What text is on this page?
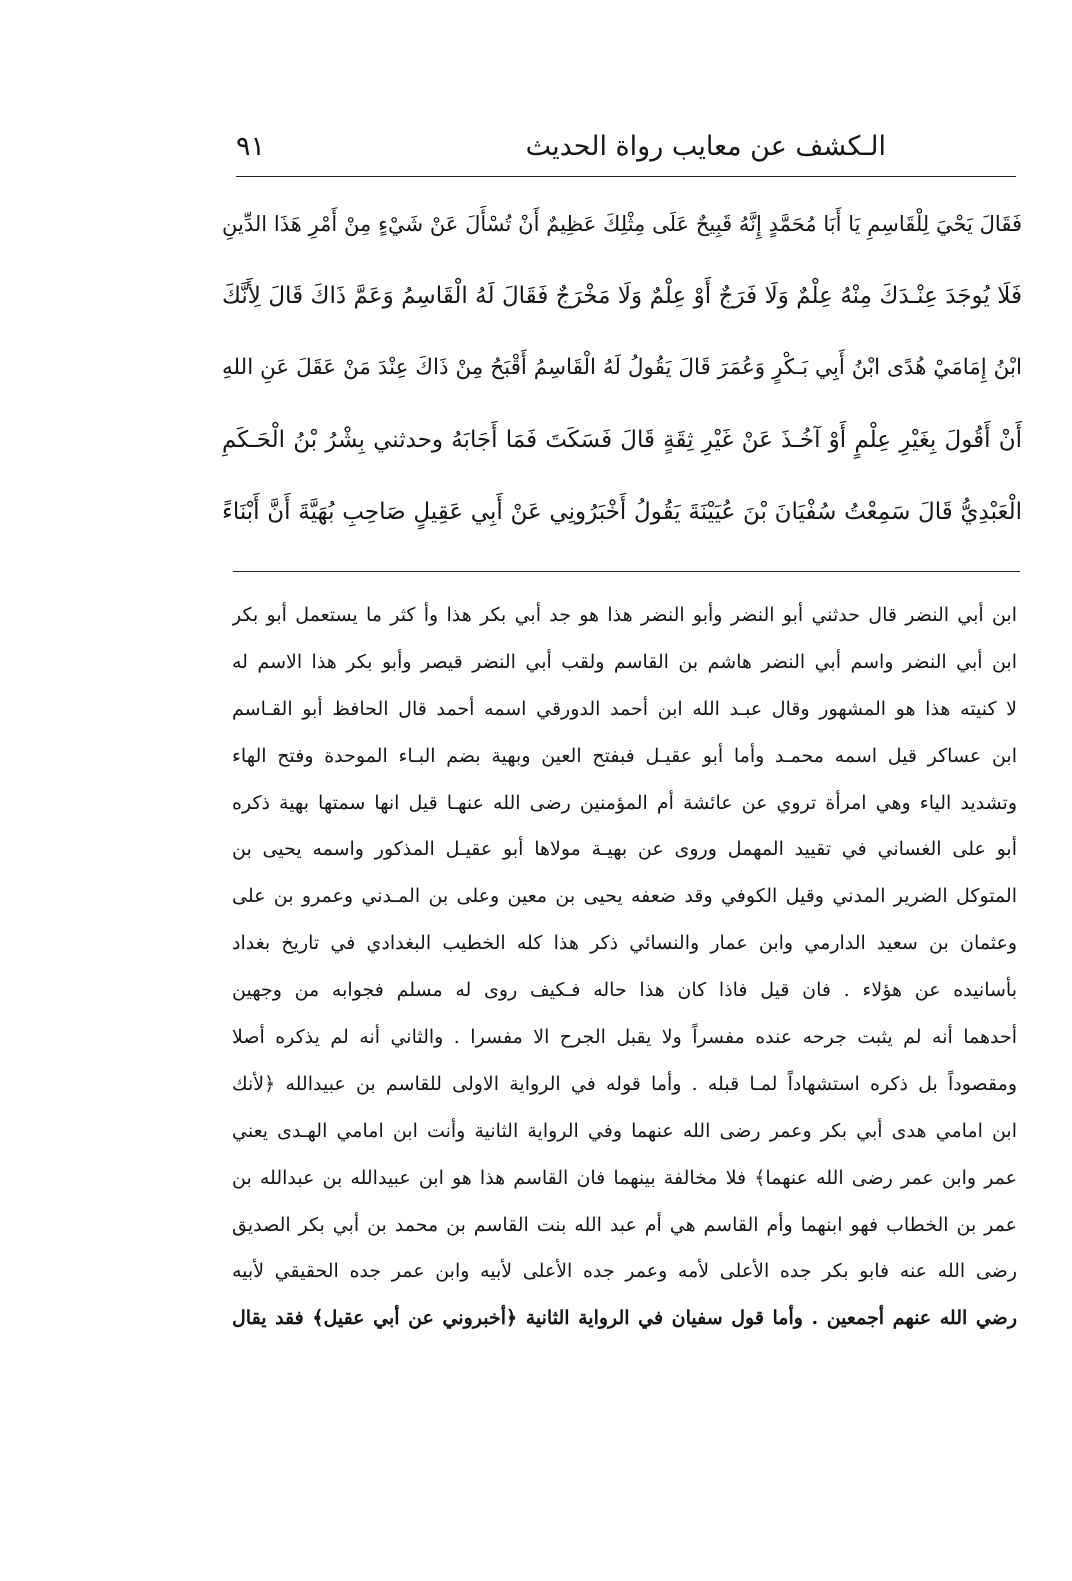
الـكشف عن معايب رواة الحديث
٩١
فَقَالَ يَحْيَ لِلْقَاسِمِ يَا أَبَا مُحَمَّدٍ إِنَّهُ قَبِيحٌ عَلَى مِثْلِكَ عَظِيمٌ أَنْ تُسْأَلَ عَنْ شَيْءٍ مِنْ أَمْرِ هَذَا الدِّينِ
فَلَا يُوجَدَ عِنْـدَكَ مِنْهُ عِلْمٌ وَلَا فَرَجٌ أَوْ عِلْمٌ وَلَا مَخْرَجٌ فَقَالَ لَهُ الْقَاسِمُ وَعَمَّ ذَاكَ قَالَ لِأَنَّكَ
ابْنُ إِمَامَيْ هُدًى ابْنُ أَبِي بَـكْرٍ وَعُمَرَ قَالَ يَقُولُ لَهُ الْقَاسِمُ أَقْبَحُ مِنْ ذَاكَ عِنْدَ مَنْ عَقَلَ عَنِ اللهِ
أَنْ أَقُولَ بِغَيْرِ عِلْمٍ أَوْ آخُـذَ عَنْ غَيْرِ ثِقَةٍ قَالَ فَسَكَتَ فَمَا أَجَابَهُ وحدثني بِشْرُ بْنُ الْحَـكَمِ
الْعَبْدِيُّ قَالَ سَمِعْتُ سُفْيَانَ بْنَ عُيَيْنَةَ يَقُولُ أَخْبَرُونِي عَنْ أَبِي عَقِيلٍ صَاحِبِ بُهَيَّةَ أَنَّ أَبْنَاءً
ابن أبي النضر قال حدثني أبو النضر وأبو النضر هذا هو جد أبي بكر هذا وأ كثر ما يستعمل أبو بكر
ابن أبي النضر واسم أبي النضر هاشم بن القاسم ولقب أبي النضر قيصر وأبو بكر هذا الاسم له
لا كنيته هذا هو المشهور وقال عبـد الله ابن أحمد الدورقي اسمه أحمد قال الحافظ أبو القـاسم
ابن عساكر قيل اسمه محمـد وأما أبو عقيـل فبفتح العين وبهية بضم البـاء الموحدة وفتح الهاء
وتشديد الياء وهي امرأة تروي عن عائشة أم المؤمنين رضى الله عنهـا قيل انها سمتها بهية ذكره
أبو على الغساني في تقييد المهمل وروى عن بهيـة مولاها أبو عقيـل المذكور واسمه يحيى بن
المتوكل الضرير المدني وقيل الكوفي وقد ضعفه يحيى بن معين وعلى بن المـدني وعمرو بن على
وعثمان بن سعيد الدارمي وابن عمار والنسائي ذكر هذا كله الخطيب البغدادي في تاريخ بغداد
بأسانيده عن هؤلاء . فان قيل فاذا كان هذا حاله فـكيف روى له مسلم فجوابه من وجهين
أحدهما أنه لم يثبت جرحه عنده مفسراً ولا يقبل الجرح الا مفسرا . والثاني أنه لم يذكره أصلا
ومقصوداً بل ذكره استشهاداً لمـا قبله . وأما قوله في الرواية الاولى للقاسم بن عبيدالله ﴿لأنك
ابن امامي هدى أبي بكر وعمر رضى الله عنهما وفي الرواية الثانية وأنت ابن امامي الهـدى يعني
عمر وابن عمر رضى الله عنهما﴾ فلا مخالفة بينهما فان القاسم هذا هو ابن عبيدالله بن عبدالله بن
عمر بن الخطاب فهو ابنهما وأم القاسم هي أم عبد الله بنت القاسم بن محمد بن أبي بكر الصديق
رضى الله عنه فابو بكر جده الأعلى لأمه وعمر جده الأعلى لأبيه وابن عمر جده الحقيقي لأبيه
رضي الله عنهم أجمعين . وأما قول سفيان في الرواية الثانية ﴿أخبروني عن أبي عقيل﴾ فقد يقال
